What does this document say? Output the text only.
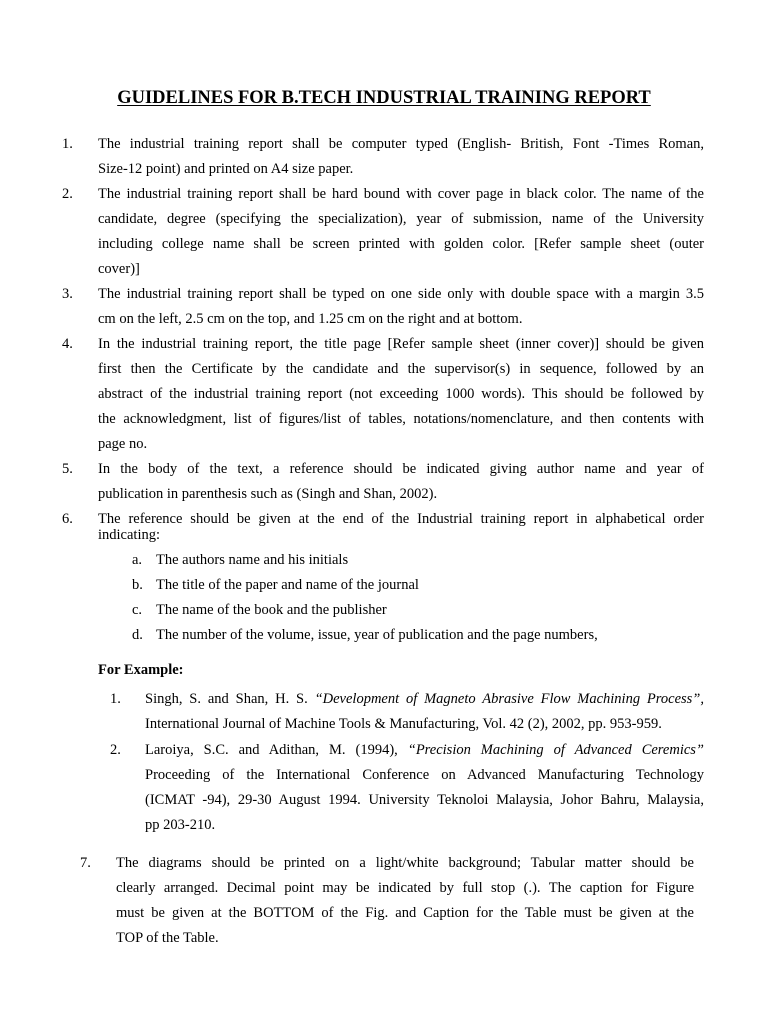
GUIDELINES FOR B.TECH INDUSTRIAL TRAINING REPORT
1. The industrial training report shall be computer typed (English- British, Font -Times Roman,
Size-12 point) and printed on A4 size paper.
2. The industrial training report shall be hard bound with cover page in black color. The name of the
candidate, degree (specifying the specialization), year of submission, name of the University
including college name shall be screen printed with golden color. [Refer sample sheet (outer
cover)]
3. The industrial training report shall be typed on one side only with double space with a margin 3.5
cm on the left, 2.5 cm on the top, and 1.25 cm on the right and at bottom.
4. In the industrial training report, the title page [Refer sample sheet (inner cover)] should be given
first then the Certificate by the candidate and the supervisor(s) in sequence, followed by an
abstract of the industrial training report (not exceeding 1000 words). This should be followed by
the acknowledgment, list of figures/list of tables, notations/nomenclature, and then contents with
page no.
5. In the body of the text, a reference should be indicated giving author name and year of
publication in parenthesis such as (Singh and Shan, 2002).
6. The reference should be given at the end of the Industrial training report in alphabetical order
indicating:
a. The authors name and his initials
b. The title of the paper and name of the journal
c. The name of the book and the publisher
d. The number of the volume, issue, year of publication and the page numbers,
For Example:
1. Singh, S. and Shan, H. S. “Development of Magneto Abrasive Flow Machining Process”,
International Journal of Machine Tools & Manufacturing, Vol. 42 (2), 2002, pp. 953-959.
2. Laroiya, S.C. and Adithan, M. (1994), “Precision Machining of Advanced Ceremics”
Proceeding of the International Conference on Advanced Manufacturing Technology
(ICMAT -94), 29-30 August 1994. University Teknoloi Malaysia, Johor Bahru, Malaysia,
pp 203-210.
7. The diagrams should be printed on a light/white background; Tabular matter should be
clearly arranged. Decimal point may be indicated by full stop (.). The caption for Figure
must be given at the BOTTOM of the Fig. and Caption for the Table must be given at the
TOP of the Table.
